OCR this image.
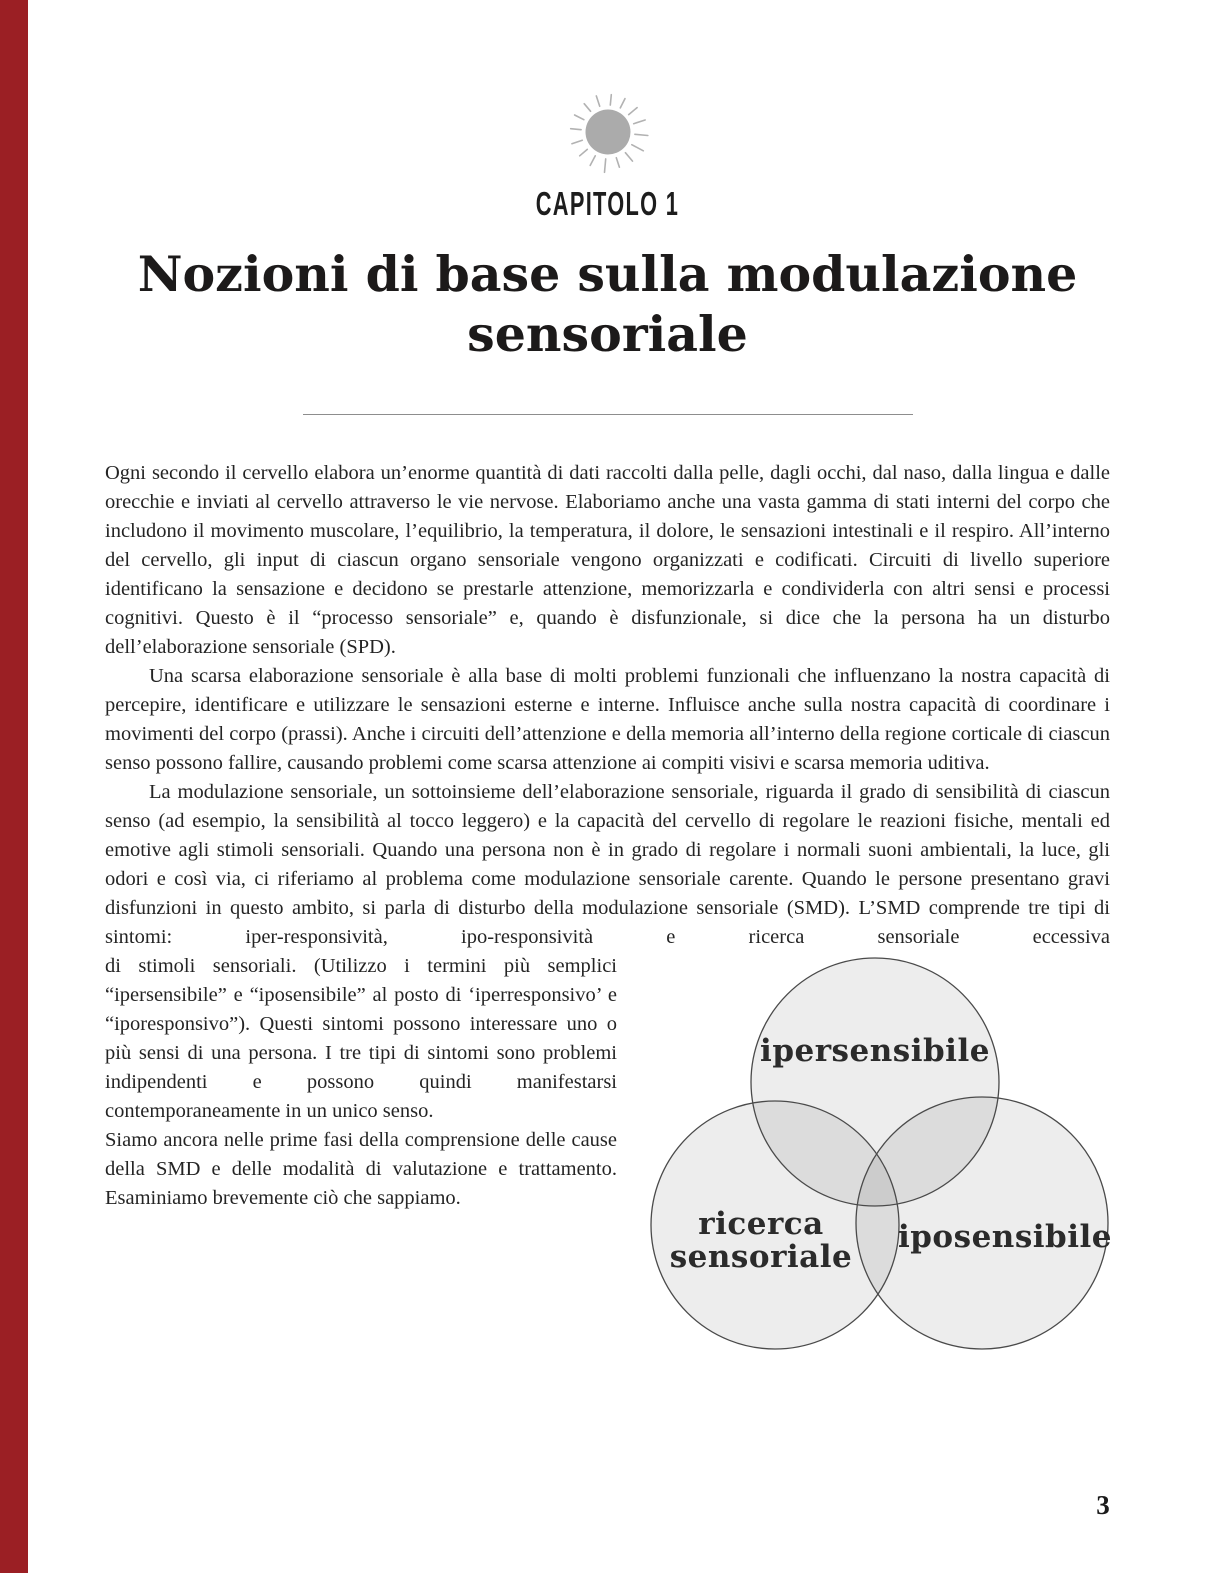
CAPITOLO 1
Nozioni di base sulla modulazione sensoriale

Ogni secondo il cervello elabora un’enorme quantità di dati raccolti dalla pelle, dagli occhi, dal naso, dalla lingua e dalle orecchie e inviati al cervello attraverso le vie nervose. Elaboriamo anche una vasta gamma di stati interni del corpo che includono il movimento muscolare, l’equilibrio, la temperatura, il dolore, le sensazioni intestinali e il respiro. All’interno del cervello, gli input di ciascun organo sensoriale vengono organizzati e codificati. Circuiti di livello superiore identificano la sensazione e decidono se prestarle attenzione, memorizzarla e condividerla con altri sensi e processi cognitivi. Questo è il “processo sensoriale” e, quando è disfunzionale, si dice che la persona ha un disturbo dell’elaborazione sensoriale (SPD).

Una scarsa elaborazione sensoriale è alla base di molti problemi funzionali che influenzano la nostra capacità di percepire, identificare e utilizzare le sensazioni esterne e interne. Influisce anche sulla nostra capacità di coordinare i movimenti del corpo (prassi). Anche i circuiti dell’attenzione e della memoria all’interno della regione corticale di ciascun senso possono fallire, causando problemi come scarsa attenzione ai compiti visivi e scarsa memoria uditiva.

La modulazione sensoriale, un sottoinsieme dell’elaborazione sensoriale, riguarda il grado di sensibilità di ciascun senso (ad esempio, la sensibilità al tocco leggero) e la capacità del cervello di regolare le reazioni fisiche, mentali ed emotive agli stimoli sensoriali. Quando una persona non è in grado di regolare i normali suoni ambientali, la luce, gli odori e così via, ci riferiamo al problema come modulazione sensoriale carente. Quando le persone presentano gravi disfunzioni in questo ambito, si parla di disturbo della modulazione sensoriale (SMD). L’SMD comprende tre tipi di sintomi: iper-responsività, ipo-responsività e ricerca sensoriale eccessiva

di stimoli sensoriali. (Utilizzo i termini più semplici “ipersensibile” e “iposensibile” al posto di ‘iperresponsivo’ e “iporesponsivo”). Questi sintomi possono interessare uno o più sensi di una persona. I tre tipi di sintomi sono problemi indipendenti e possono quindi manifestarsi contemporaneamente in un unico senso.

Siamo ancora nelle prime fasi della comprensione delle cause della SMD e delle modalità di valutazione e trattamento. Esaminiamo brevemente ciò che sappiamo.

ipersensibile
ricerca
sensoriale
iposensibile
3
